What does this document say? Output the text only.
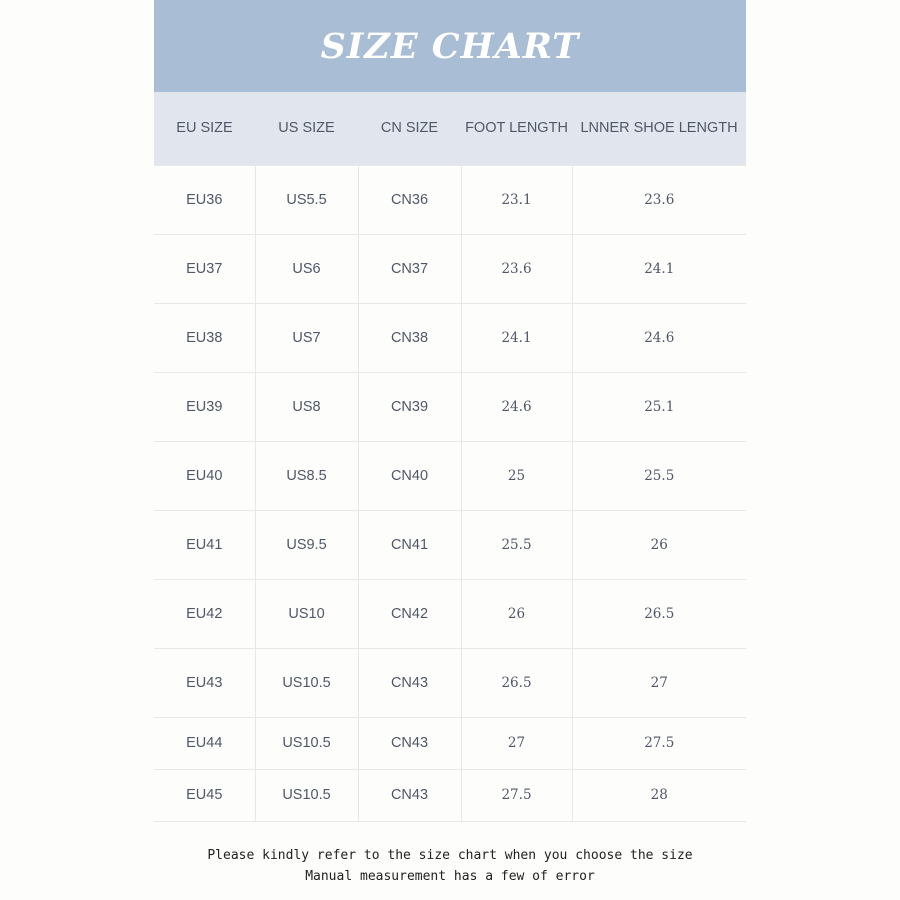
SIZE CHART
EU SIZE	US SIZE	CN SIZE	FOOT LENGTH	LNNER SHOE LENGTH
EU36	US5.5	CN36	23.1	23.6
EU37	US6	CN37	23.6	24.1
EU38	US7	CN38	24.1	24.6
EU39	US8	CN39	24.6	25.1
EU40	US8.5	CN40	25	25.5
EU41	US9.5	CN41	25.5	26
EU42	US10	CN42	26	26.5
EU43	US10.5	CN43	26.5	27
EU44	US10.5	CN43	27	27.5
EU45	US10.5	CN43	27.5	28
Please kindly refer to the size chart when you choose the size
Manual measurement has a few of error
